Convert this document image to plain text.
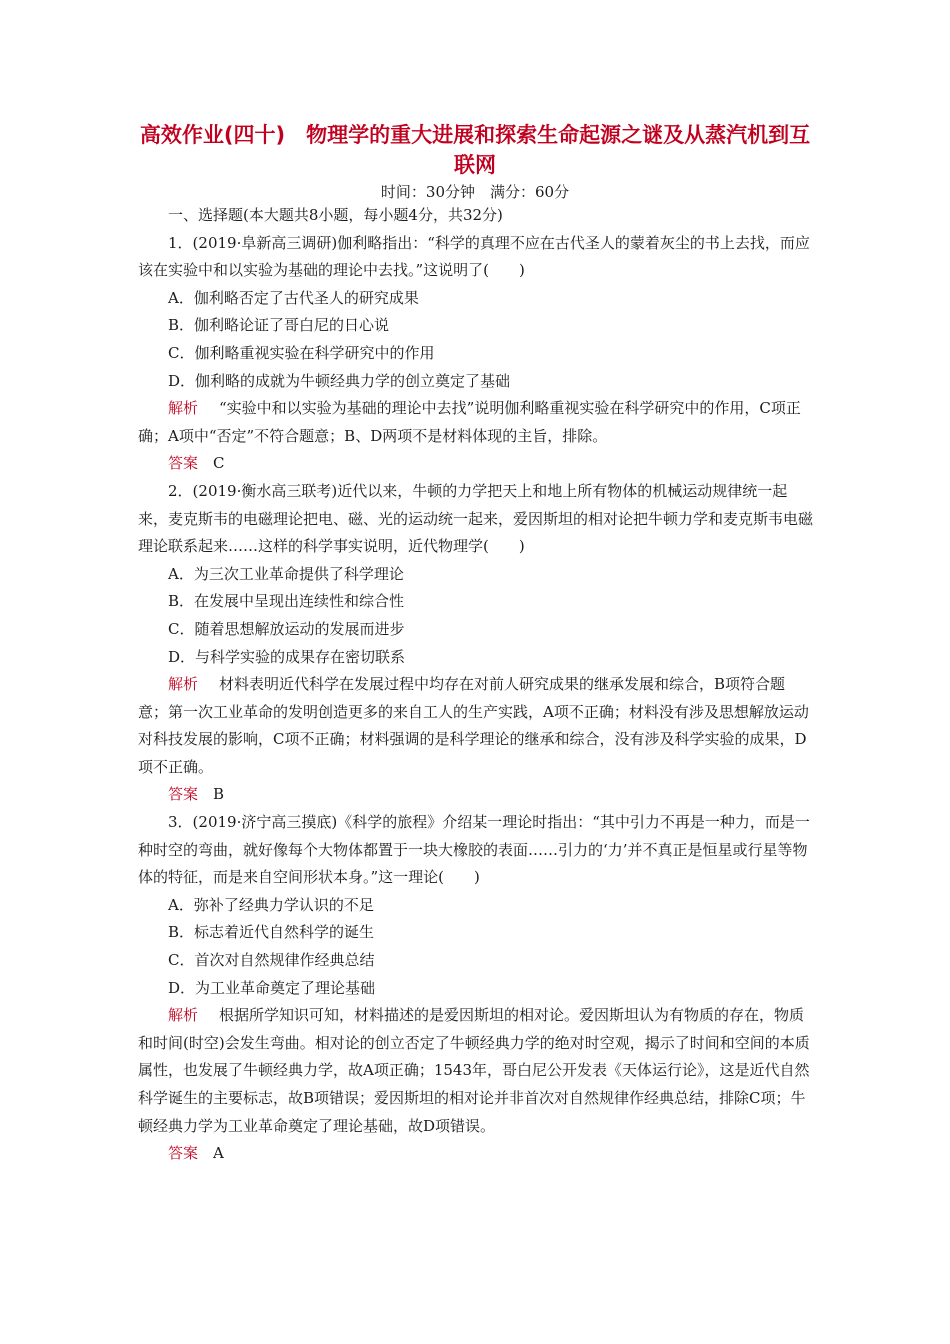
高效作业(四十)　物理学的重大进展和探索生命起源之谜及从蒸汽机到互联网
时间：30分钟　满分：60分

一、选择题(本大题共8小题，每小题4分，共32分)

1．(2019·阜新高三调研)伽利略指出：“科学的真理不应在古代圣人的蒙着灰尘的书上去找，而应该在实验中和以实验为基础的理论中去找。”这说明了(　　)

A．伽利略否定了古代圣人的研究成果

B．伽利略论证了哥白尼的日心说

C．伽利略重视实验在科学研究中的作用

D．伽利略的成就为牛顿经典力学的创立奠定了基础

解析 “实验中和以实验为基础的理论中去找”说明伽利略重视实验在科学研究中的作用，C项正确；A项中“否定”不符合题意；B、D两项不是材料体现的主旨，排除。

答案 C

2．(2019·衡水高三联考)近代以来，牛顿的力学把天上和地上所有物体的机械运动规律统一起来，麦克斯韦的电磁理论把电、磁、光的运动统一起来，爱因斯坦的相对论把牛顿力学和麦克斯韦电磁理论联系起来……这样的科学事实说明，近代物理学(　　)

A．为三次工业革命提供了科学理论

B．在发展中呈现出连续性和综合性

C．随着思想解放运动的发展而进步

D．与科学实验的成果存在密切联系

解析 材料表明近代科学在发展过程中均存在对前人研究成果的继承发展和综合，B项符合题意；第一次工业革命的发明创造更多的来自工人的生产实践，A项不正确；材料没有涉及思想解放运动对科技发展的影响，C项不正确；材料强调的是科学理论的继承和综合，没有涉及科学实验的成果，D项不正确。

答案 B

3．(2019·济宁高三摸底)《科学的旅程》介绍某一理论时指出：“其中引力不再是一种力，而是一种时空的弯曲，就好像每个大物体都置于一块大橡胶的表面……引力的‘力’并不真正是恒星或行星等物体的特征，而是来自空间形状本身。”这一理论(　　)

A．弥补了经典力学认识的不足

B．标志着近代自然科学的诞生

C．首次对自然规律作经典总结

D．为工业革命奠定了理论基础

解析 根据所学知识可知，材料描述的是爱因斯坦的相对论。爱因斯坦认为有物质的存在，物质和时间(时空)会发生弯曲。相对论的创立否定了牛顿经典力学的绝对时空观，揭示了时间和空间的本质属性，也发展了牛顿经典力学，故A项正确；1543年，哥白尼公开发表《天体运行论》，这是近代自然科学诞生的主要标志，故B项错误；爱因斯坦的相对论并非首次对自然规律作经典总结，排除C项；牛顿经典力学为工业革命奠定了理论基础，故D项错误。

答案 A
